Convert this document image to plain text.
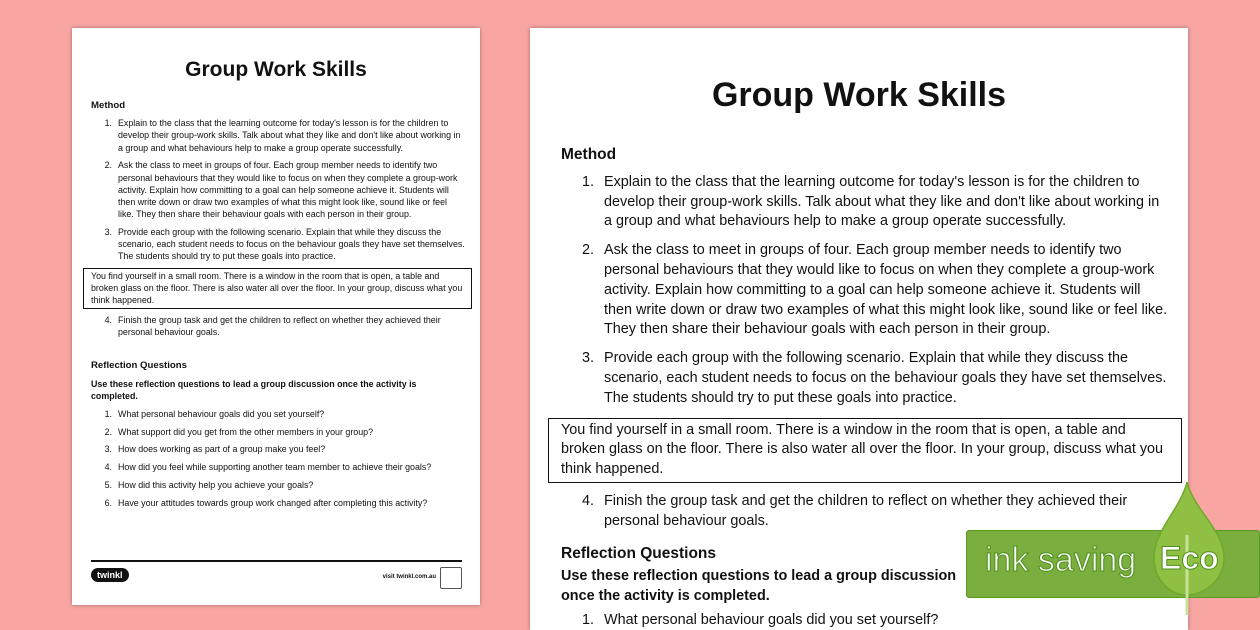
Group Work Skills
Method
1. Explain to the class that the learning outcome for today's lesson is for the children to develop their group-work skills. Talk about what they like and don't like about working in a group and what behaviours help to make a group operate successfully.
2. Ask the class to meet in groups of four. Each group member needs to identify two personal behaviours that they would like to focus on when they complete a group-work activity. Explain how committing to a goal can help someone achieve it. Students will then write down or draw two examples of what this might look like, sound like or feel like. They then share their behaviour goals with each person in their group.
3. Provide each group with the following scenario. Explain that while they discuss the scenario, each student needs to focus on the behaviour goals they have set themselves. The students should try to put these goals into practice.
You find yourself in a small room. There is a window in the room that is open, a table and broken glass on the floor. There is also water all over the floor. In your group, discuss what you think happened.
4. Finish the group task and get the children to reflect on whether they achieved their personal behaviour goals.
Reflection Questions

Use these reflection questions to lead a group discussion once the activity is completed.

1. What personal behaviour goals did you set yourself?
2. What support did you get from the other members in your group?
3. How does working as part of a group make you feel?
4. How did you feel while supporting another team member to achieve their goals?
5. How did this activity help you achieve your goals?
6. Have your attitudes towards group work changed after completing this activity?
twinkl	visit twinkl.com.au
Group Work Skills
Method
1. Explain to the class that the learning outcome for today's lesson is for the children to develop their group-work skills. Talk about what they like and don't like about working in a group and what behaviours help to make a group operate successfully.
2. Ask the class to meet in groups of four. Each group member needs to identify two personal behaviours that they would like to focus on when they complete a group-work activity. Explain how committing to a goal can help someone achieve it. Students will then write down or draw two examples of what this might look like, sound like or feel like. They then share their behaviour goals with each person in their group.
3. Provide each group with the following scenario. Explain that while they discuss the scenario, each student needs to focus on the behaviour goals they have set themselves. The students should try to put these goals into practice.
You find yourself in a small room. There is a window in the room that is open, a table and broken glass on the floor. There is also water all over the floor. In your group, discuss what you think happened.
4. Finish the group task and get the children to reflect on whether they achieved their personal behaviour goals.
Reflection Questions

Use these reflection questions to lead a group discussion once the activity is completed.

1. What personal behaviour goals did you set yourself?
ink saving Eco
